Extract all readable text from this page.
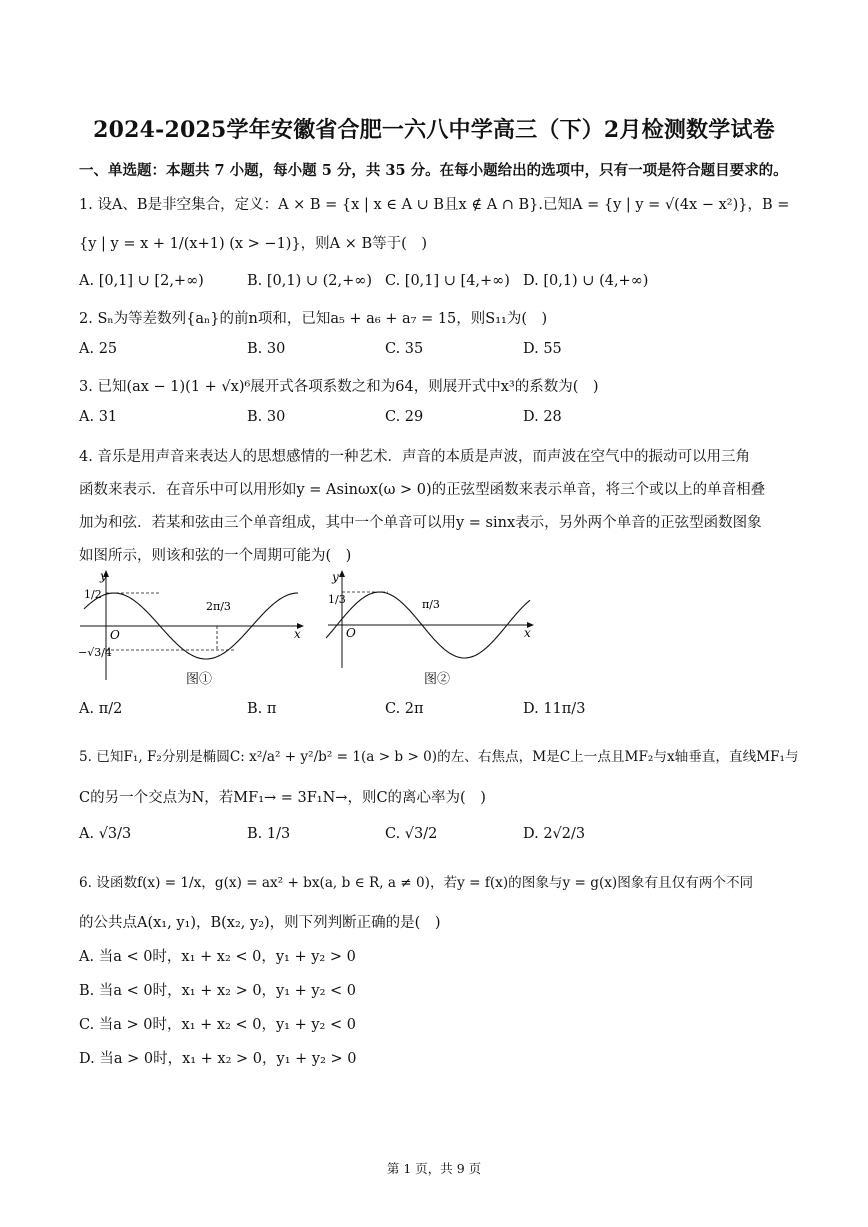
2024-2025学年安徽省合肥一六八中学高三（下）2月检测数学试卷
一、单选题：本题共 7 小题，每小题 5 分，共 35 分。在每小题给出的选项中，只有一项是符合题目要求的。
1. 设A、B是非空集合，定义：A × B = {x | x ∈ A ∪ B且x ∉ A ∩ B}.已知A = {y | y = √(4x − x²)}，B =
{y | y = x + 1/(x+1) (x > −1)}，则A × B等于(　)
A. [0,1] ∪ [2,+∞)	B. [0,1) ∪ (2,+∞) C. [0,1] ∪ [4,+∞) D. [0,1) ∪ (4,+∞)
2. Sₙ为等差数列{aₙ}的前n项和，已知a₅ + a₆ + a₇ = 15，则S₁₁为(　)
A. 25	B. 30	C. 35	D. 55
3. 已知(ax − 1)(1 + √x)⁶展开式各项系数之和为64，则展开式中x³的系数为(　)
A. 31	B. 30	C. 29	D. 28
4. 音乐是用声音来表达人的思想感情的一种艺术．声音的本质是声波，而声波在空气中的振动可以用三角
函数来表示．在音乐中可以用形如y = Asinωx(ω > 0)的正弦型函数来表示单音，将三个或以上的单音相叠
加为和弦．若某和弦由三个单音组成，其中一个单音可以用y = sinx表示，另外两个单音的正弦型函数图象
如图所示，则该和弦的一个周期可能为(　)
y
x
O
1/2
−√3/4
2π/3
图①
y
x
O
1/3	π/3
图②
A. π/2	B. π	C. 2π	D. 11π/3
5. 已知F₁, F₂分别是椭圆C: x²/a² + y²/b² = 1(a > b > 0)的左、右焦点，M是C上一点且MF₂与x轴垂直，直线MF₁与
C的另一个交点为N，若MF₁→ = 3F₁N→，则C的离心率为(　)
A. √3/3	B. 1/3	C. √3/2	D. 2√2/3
6. 设函数f(x) = 1/x，g(x) = ax² + bx(a, b ∈ R, a ≠ 0)，若y = f(x)的图象与y = g(x)图象有且仅有两个不同
的公共点A(x₁, y₁)，B(x₂, y₂)，则下列判断正确的是(　)
A. 当a < 0时，x₁ + x₂ < 0，y₁ + y₂ > 0
B. 当a < 0时，x₁ + x₂ > 0，y₁ + y₂ < 0
C. 当a > 0时，x₁ + x₂ < 0，y₁ + y₂ < 0
D. 当a > 0时，x₁ + x₂ > 0，y₁ + y₂ > 0
第 1 页，共 9 页
